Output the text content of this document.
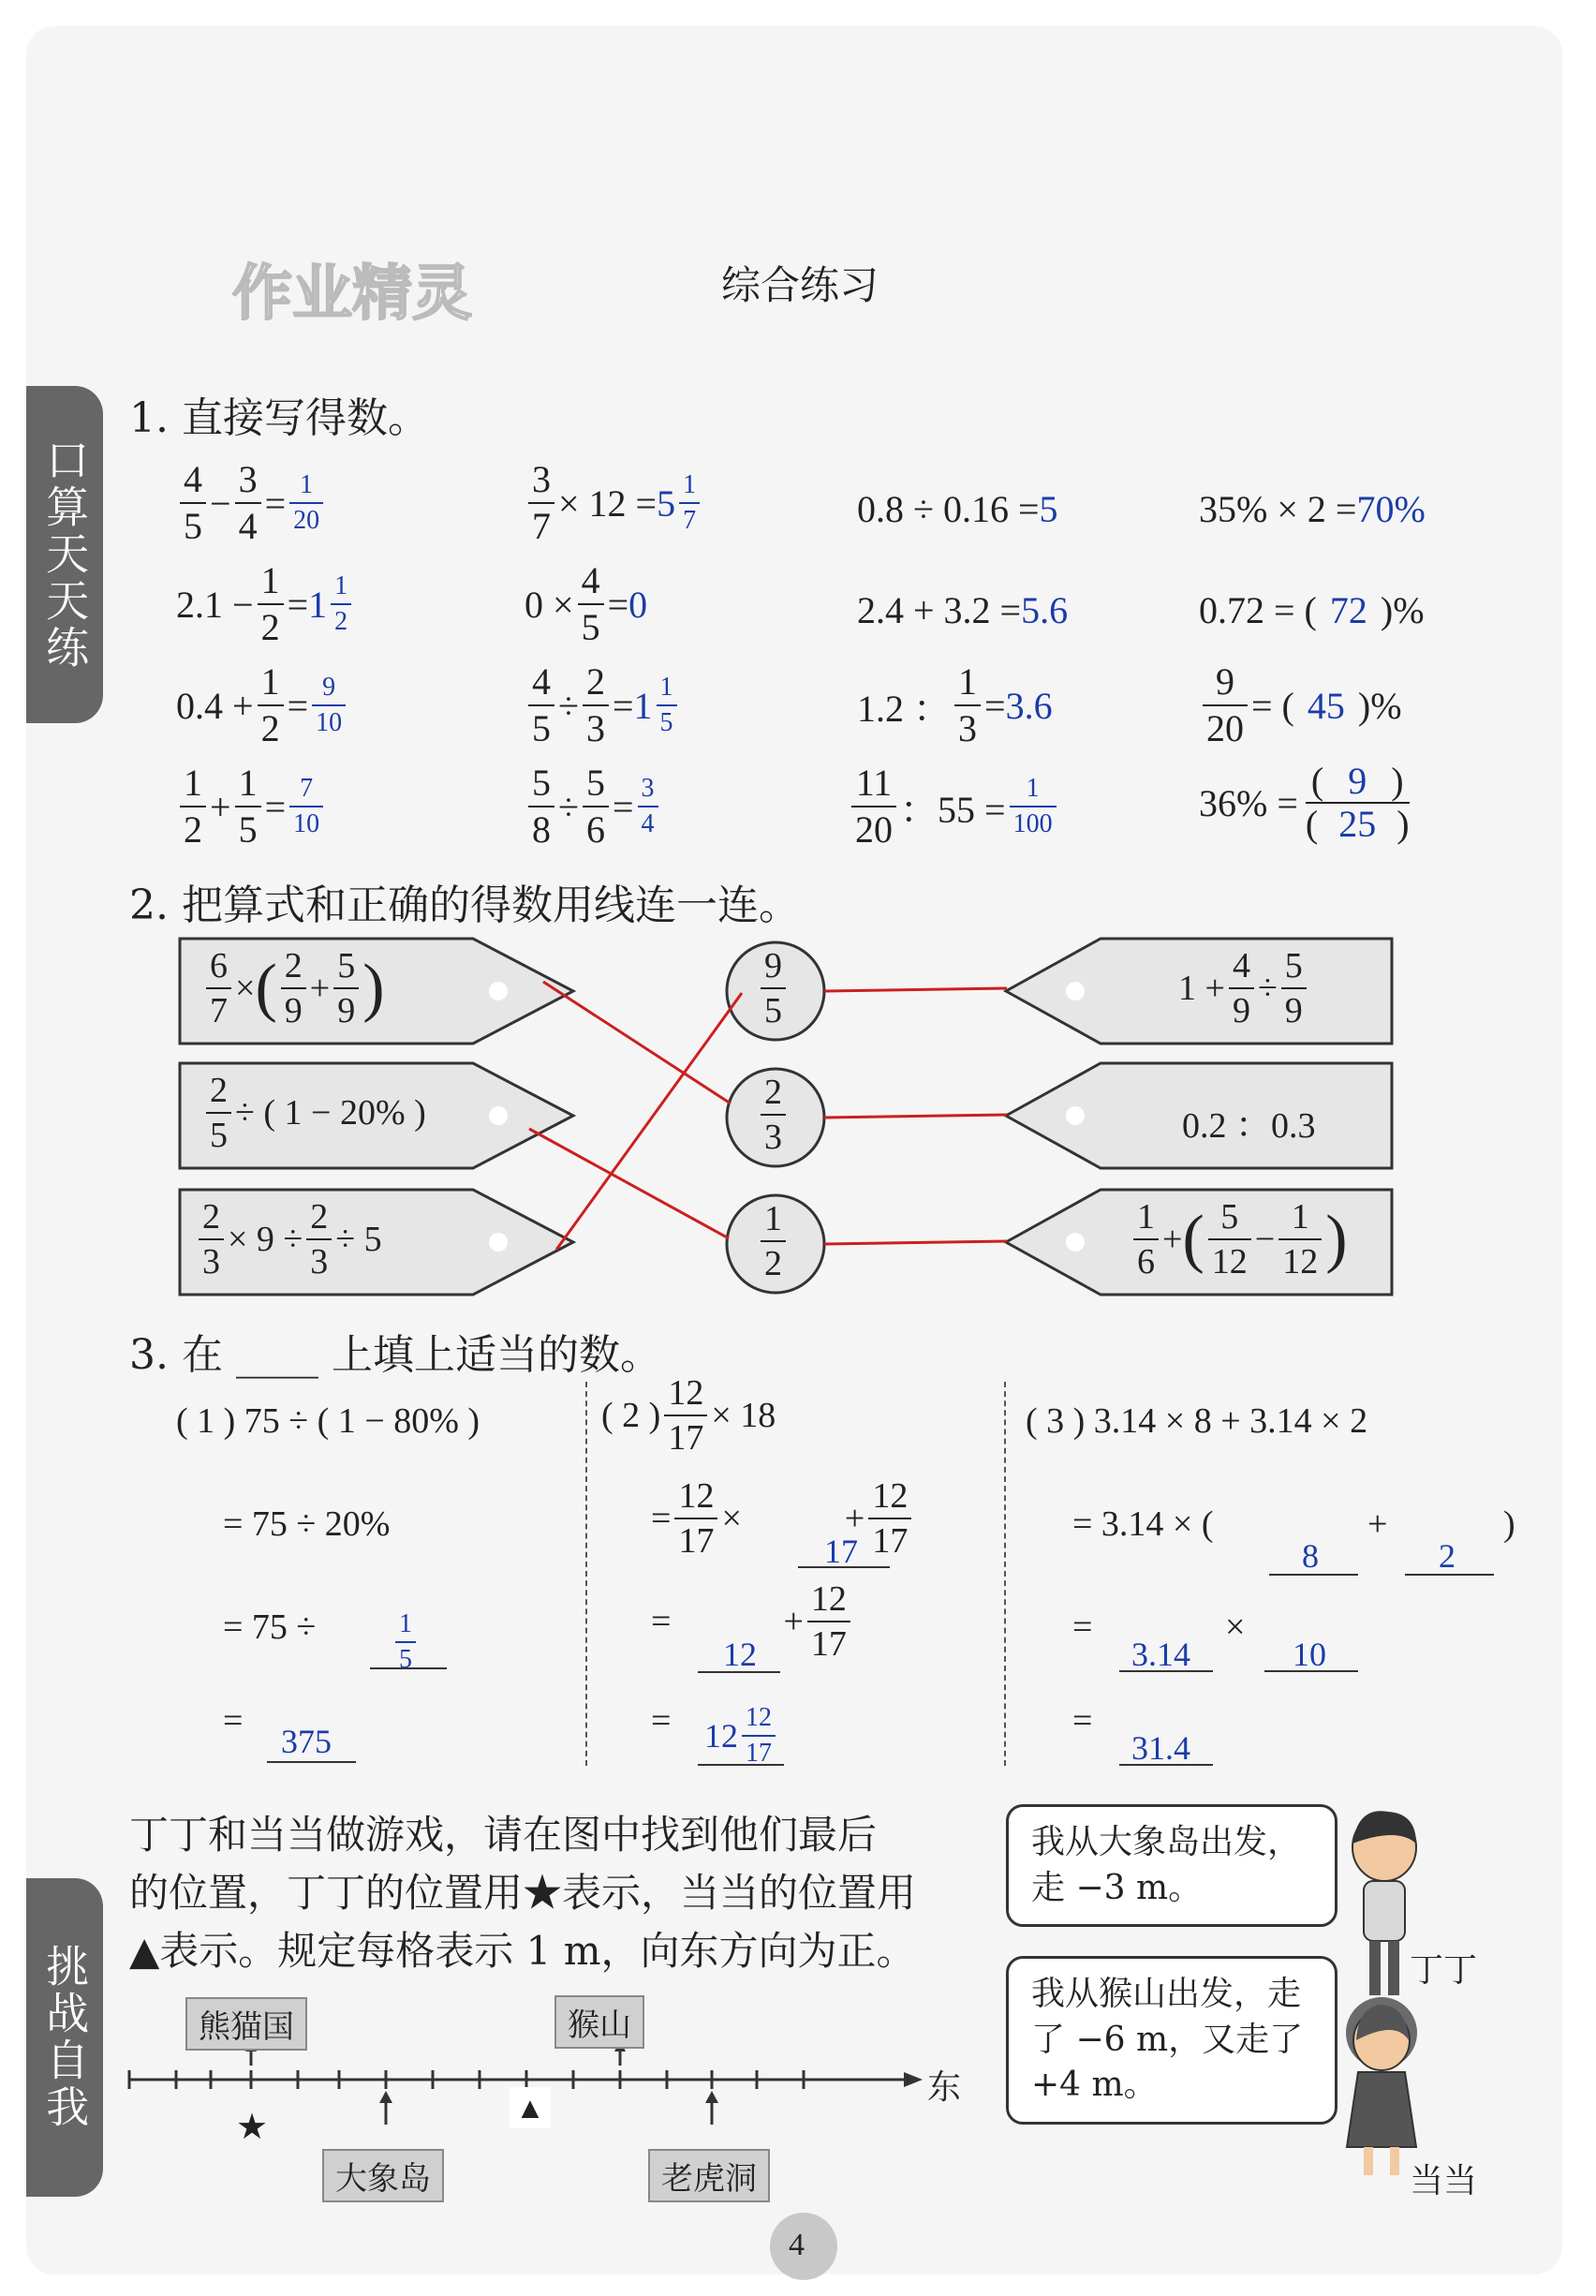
作业精灵	综合练习
口算天天练
挑战自我
1. 直接写得数。
$\frac{4}{5} - \frac{3}{4} = \frac{1}{20}$	$\frac{3}{7} \times 12 = 5 \frac{1}{7}$	0.8 ÷ 0.16 = 5	35% × 2 = 70%
$2.1 - \frac{1}{2} = 1 \frac{1}{2}$	$0 \times \frac{4}{5} = 0$	2.4 + 3.2 = 5.6	0.72 = ( 72 )%
$0.4 + \frac{1}{2} = \frac{9}{10}$	$\frac{4}{5} \div \frac{2}{3} = 1 \frac{1}{5}$	1.2 ： $\frac{1}{3} = 3.6$	$\frac{9}{20}$ = ( 45 )%
$\frac{1}{2} + \frac{1}{5} = \frac{7}{10}$	$\frac{5}{8} \div \frac{5}{6} = \frac{3}{4}$	$\frac{11}{20}$ ：$55 = \frac{1}{100}$	$36\% = \frac{( 9 )}{( 25 )}$
2. 把算式和正确的得数用线连一连。
$\frac{6}{7}$ × ( $\frac{2}{9} + \frac{5}{9}$ )
$\frac{2}{5}$ ÷ ( 1 − 20% )
$\frac{2}{3} \times 9 \div \frac{2}{3} \div 5$
$\frac{9}{5}$
$\frac{2}{3}$
$\frac{1}{2}$
$1 + \frac{4}{9} \div \frac{5}{9}$
0.2 ：0.3
$\frac{1}{6}$ + ( $\frac{5}{12} - \frac{1}{12}$ )
3. 在 ____ 上填上适当的数。
( 1 ) 75 ÷ ( 1 − 80% )
= 75 ÷ 20%
= 75 ÷	$\frac{1}{5}$
=
375
( 2 ) $\frac{12}{17} \times 18$
= $\frac{12}{17}$ ×	+ $\frac{12}{17}$
17
=	+ $\frac{12}{17}$
12
= $12 \frac{12}{17}$
( 3 ) 3.14 × 8 + 3.14 × 2
= 3.14 × (
8
+
2
)
=
3.14
×
10
=
31.4
丁丁和当当做游戏，请在图中找到他们最后
的位置，丁丁的位置用★表示，当当的位置用
▲表示。规定每格表示 1 m，向东方向为正。
熊猫国	猴山
大象岛	老虎洞
东
★	▲
我从大象岛出发，走 −3 m。
我从猴山出发，走了 −6 m，又走了 +4 m。
丁丁
当当
4
